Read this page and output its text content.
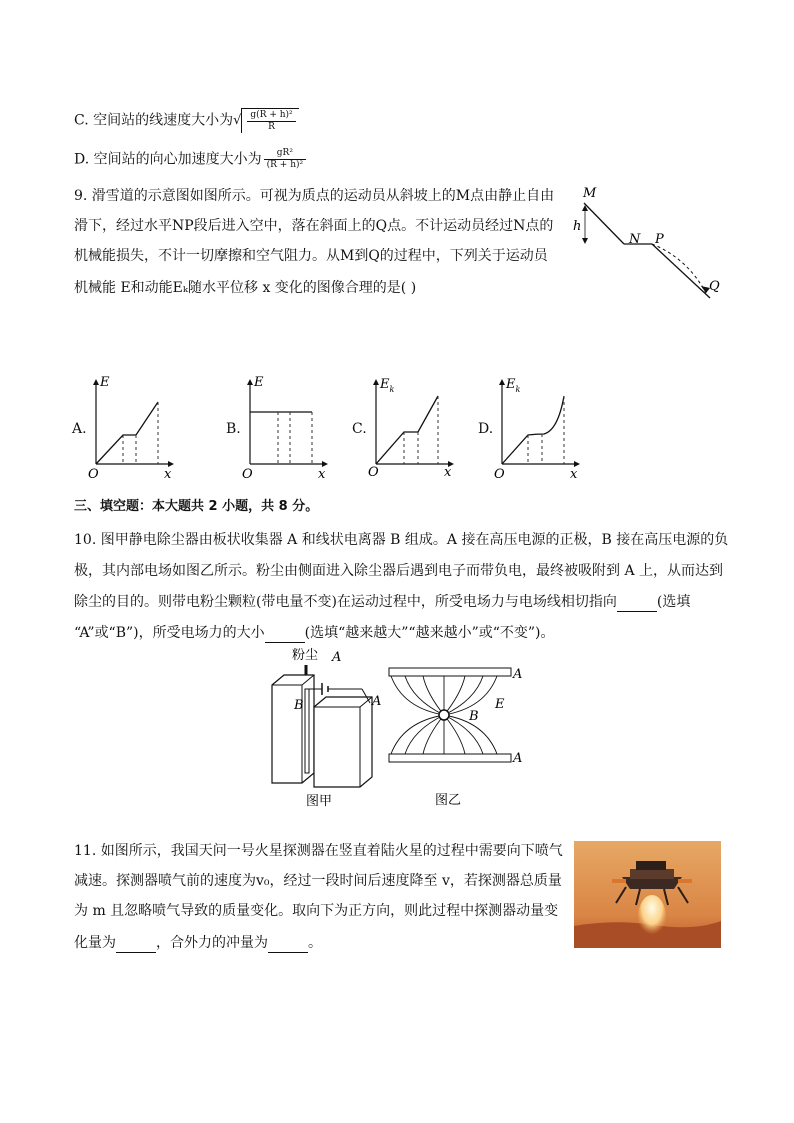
C. 空间站的线速度大小为√ $\frac{\text{g(R + h)²}}{R}$
D. 空间站的向心加速度大小为 $\frac{\text{gR²}}{\text{(R + h)²}}$
9. 滑雪道的示意图如图所示。可视为质点的运动员从斜坡上的M点由静止自由
滑下，经过水平NP段后进入空中，落在斜面上的Q点。不计运动员经过N点的
机械能损失，不计一切摩擦和空气阻力。从M到Q的过程中，下列关于运动员
机械能 E和动能Eₖ随水平位移 x 变化的图像合理的是( )
M
h
N P
Q
A.
E
O	x
B.
E
O	x
C.
$E_k$
O	x
D.
$E_k$
O	x
三、填空题：本大题共 2 小题，共 8 分。
10. 图甲静电除尘器由板状收集器 A 和线状电离器 B 组成。A 接在高压电源的正极，B 接在高压电源的负
极，其内部电场如图乙所示。粉尘由侧面进入除尘器后遇到电子而带负电，最终被吸附到 A 上，从而达到
除尘的目的。则带电粉尘颗粒(带电量不变)在运动过程中，所受电场力与电场线相切指向	(选填
“A”或“B”)，所受电场力的大小	(选填“越来越大”“越来越小”或“不变”)。
粉尘 A
B	A
图甲
A
A
B
E
图乙
11. 如图所示，我国天问一号火星探测器在竖直着陆火星的过程中需要向下喷气
减速。探测器喷气前的速度为v₀，经过一段时间后速度降至 v，若探测器总质量
为 m 且忽略喷气导致的质量变化。取向下为正方向，则此过程中探测器动量变
化量为	，合外力的冲量为	。
